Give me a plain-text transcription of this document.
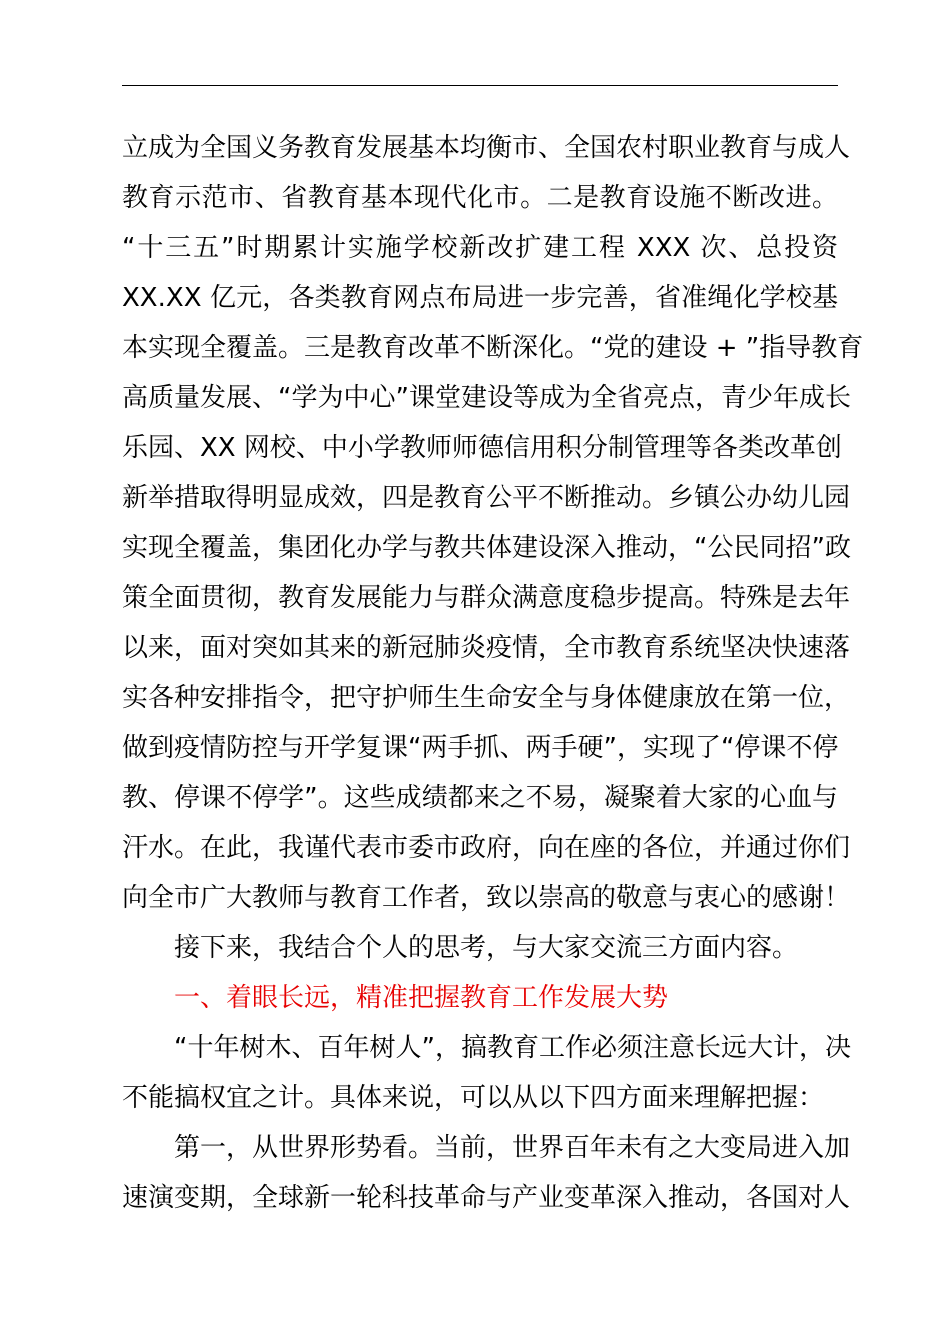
立成为全国义务教育发展基本均衡市、全国农村职业教育与成人
教育示范市、省教育基本现代化市。二是教育设施不断改进。
“十三五”时期累计实施学校新改扩建工程 XXX 次、总投资
XX.XX 亿元，各类教育网点布局进一步完善，省准绳化学校基
本实现全覆盖。三是教育改革不断深化。“党的建设 + ”指导教育
高质量发展、“学为中心”课堂建设等成为全省亮点，青少年成长
乐园、XX 网校、中小学教师师德信用积分制管理等各类改革创
新举措取得明显成效，四是教育公平不断推动。乡镇公办幼儿园
实现全覆盖，集团化办学与教共体建设深入推动，“公民同招”政
策全面贯彻，教育发展能力与群众满意度稳步提高。特殊是去年
以来，面对突如其来的新冠肺炎疫情，全市教育系统坚决快速落
实各种安排指令，把守护师生生命安全与身体健康放在第一位，
做到疫情防控与开学复课“两手抓、两手硬”，实现了“停课不停
教、停课不停学”。这些成绩都来之不易，凝聚着大家的心血与
汗水。在此，我谨代表市委市政府，向在座的各位，并通过你们
向全市广大教师与教育工作者，致以崇高的敬意与衷心的感谢！
接下来，我结合个人的思考，与大家交流三方面内容。
一、着眼长远，精准把握教育工作发展大势
“十年树木、百年树人”，搞教育工作必须注意长远大计，决
不能搞权宜之计。具体来说，可以从以下四方面来理解把握：
第一，从世界形势看。当前，世界百年未有之大变局进入加
速演变期，全球新一轮科技革命与产业变革深入推动，各国对人
